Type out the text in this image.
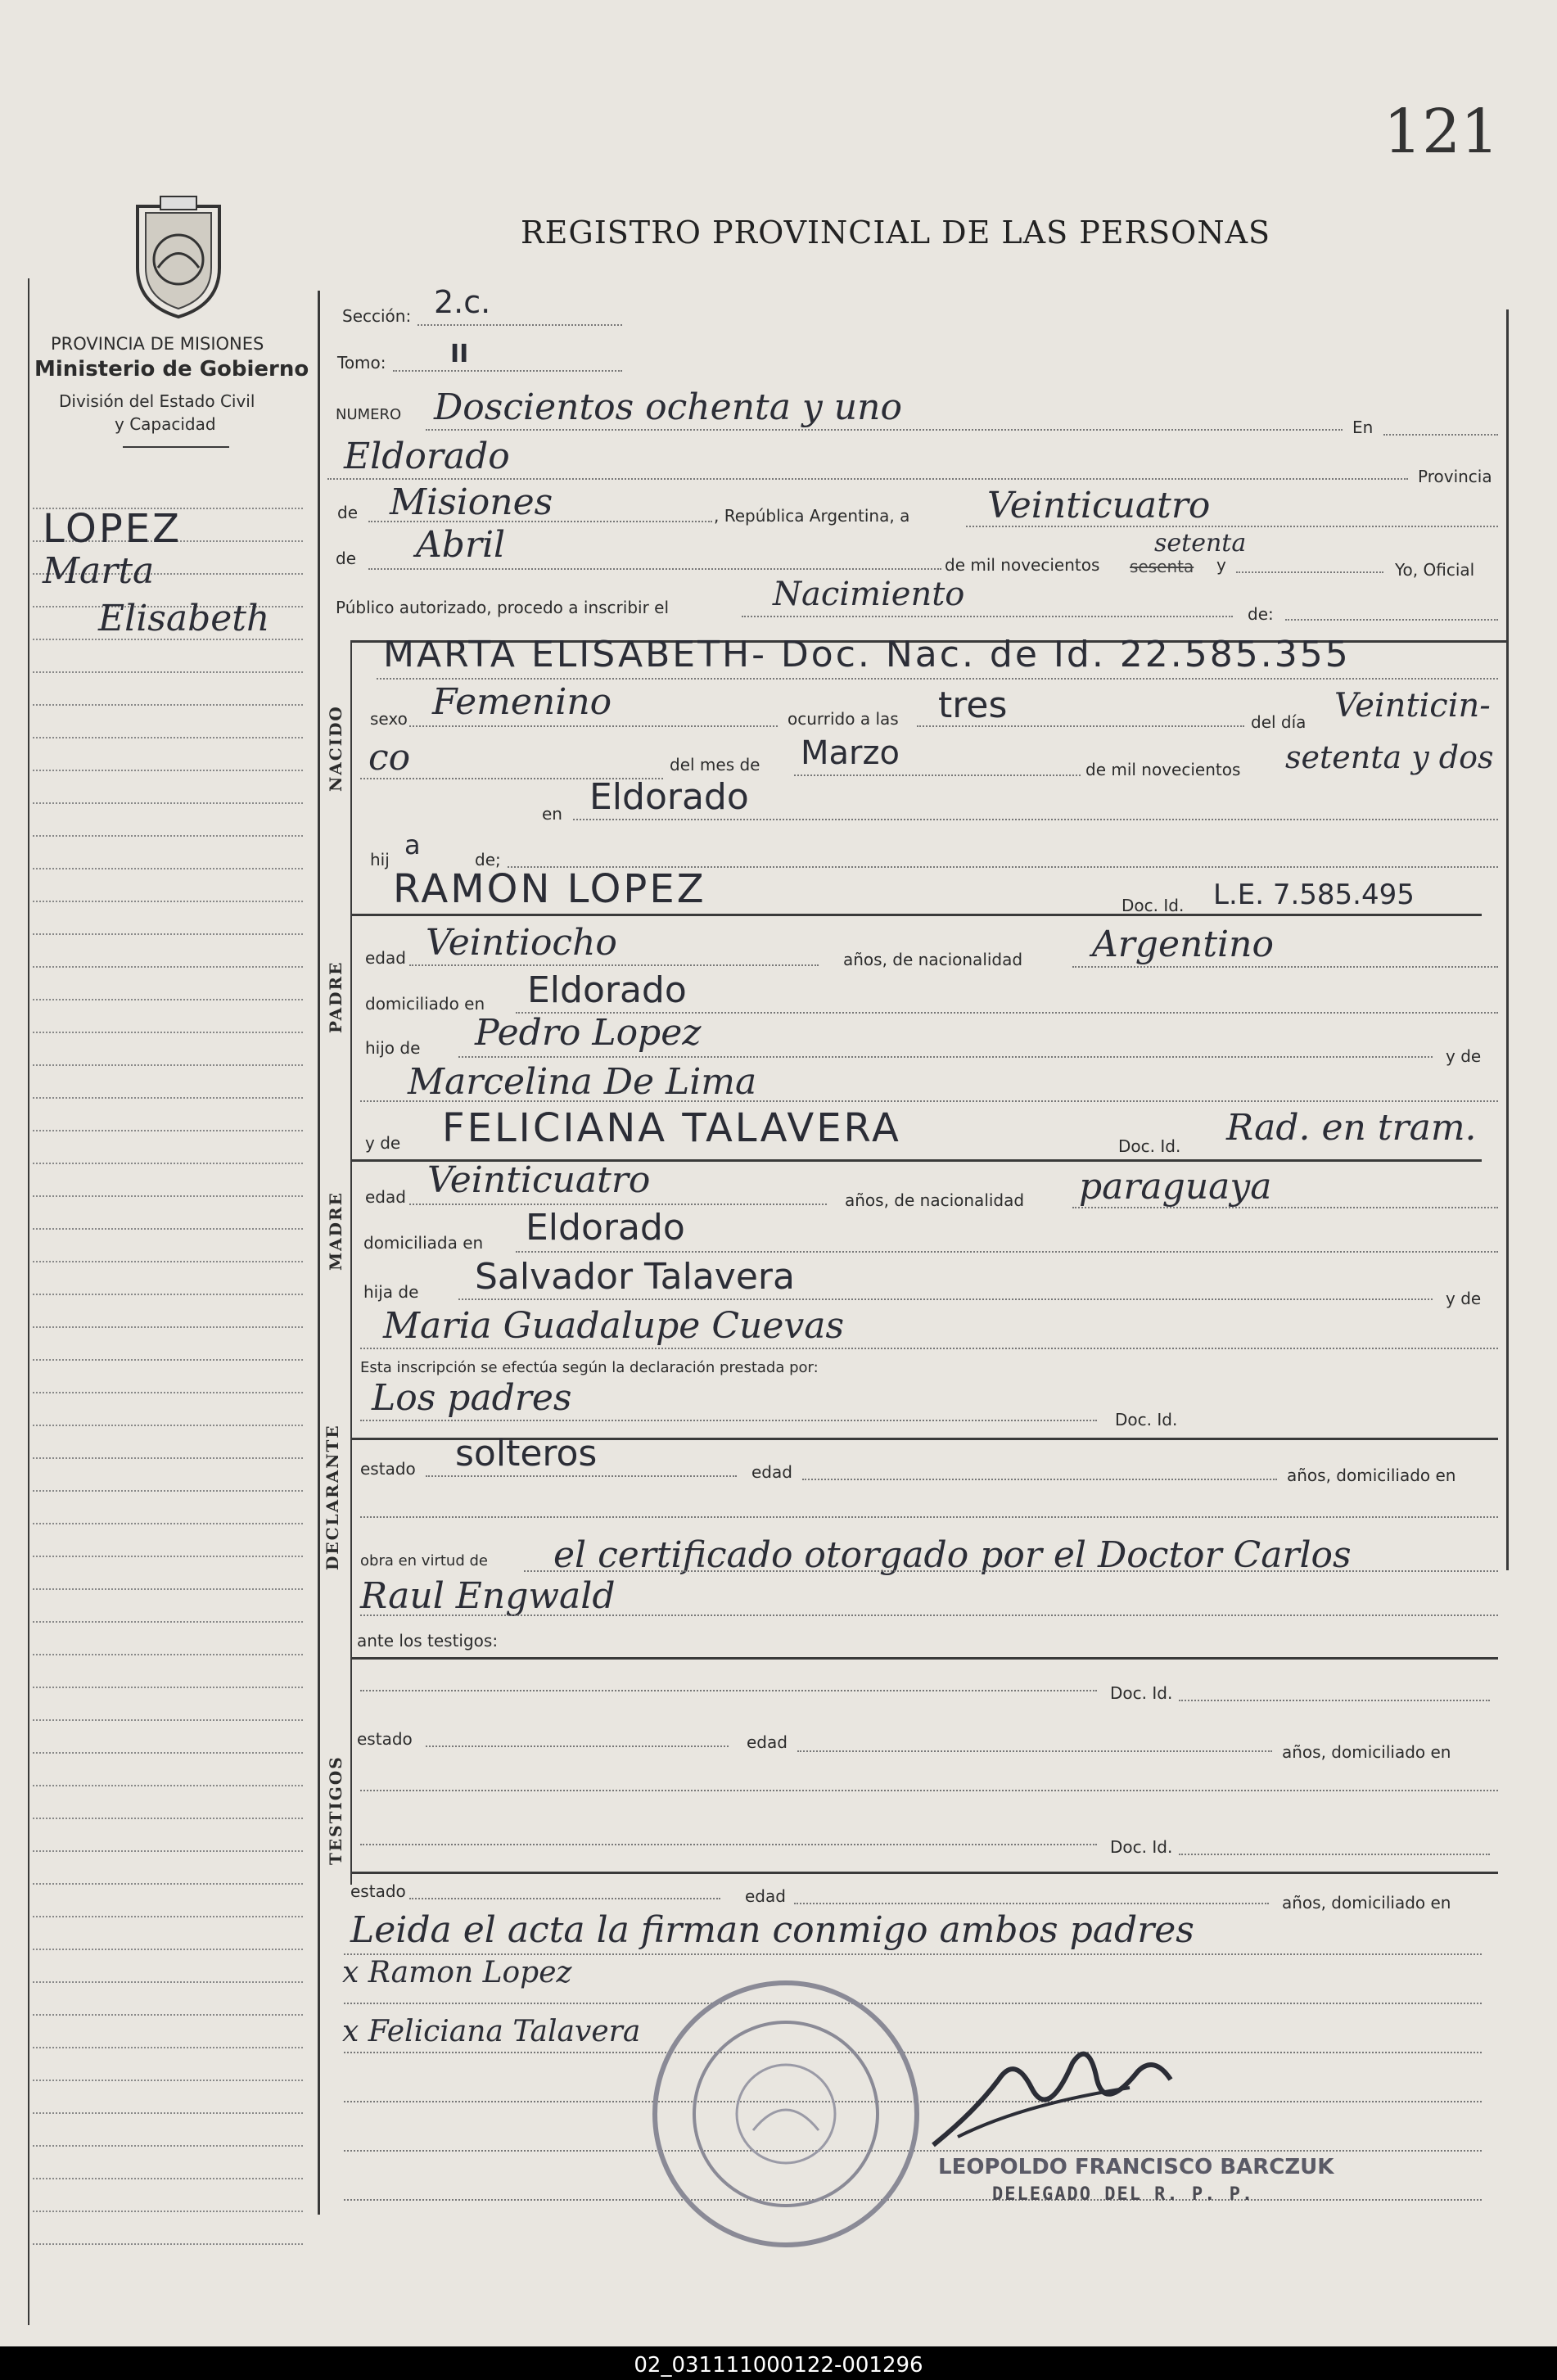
121
REGISTRO PROVINCIAL DE LAS PERSONAS
PROVINCIA DE MISIONES
Ministerio de Gobierno
División del Estado Civil
y Capacidad
LOPEZ
Marta
Elisabeth
Sección: 2.c.
Tomo:	II
NUMERO Doscientos ochenta y uno	En
Eldorado	Provincia
de Misiones	, República Argentina, a Veinticuatro
de Abril	de mil novecientos sesenta
setenta
y	Yo, Oficial
Público autorizado, procedo a inscribir el	Nacimiento
de:
NACIDO
MARTA ELISABETH- Doc. Nac. de Id. 22.585.355
sexo Femenino	ocurrido a las tres	del día Veinticin-
co	del mes de Marzo	de mil novecientos setenta y dos
en Eldorado
hij a	de;
RAMON LOPEZ	Doc. Id. L.E. 7.585.495
PADRE
edad Veintiocho	años, de nacionalidad Argentino
domiciliado en Eldorado
hijo de Pedro Lopez
y de
Marcelina De Lima
y de FELICIANA TALAVERA	Doc. Id. Rad. en tram.
MADRE edad Veinticuatro	años, de nacionalidad paraguaya
domiciliada en Eldorado
hija de Salvador Talavera
y de
Maria Guadalupe Cuevas
Esta inscripción se efectúa según la declaración prestada por:
Los padres
Doc. Id.
DECLARANTE estado solteros	edad	años, domiciliado en
obra en virtud de el certificado otorgado por el Doctor Carlos
Raul Engwald
ante los testigos:
TESTIGOS
Doc. Id.
estado	edad	años, domiciliado en
Doc. Id.
estado	edad	años, domiciliado en
Leida el acta la firman conmigo ambos padres
x Ramon Lopez
x Feliciana Talavera
LEOPOLDO FRANCISCO BARCZUK
DELEGADO DEL R. P. P.
02_031111000122-001296
